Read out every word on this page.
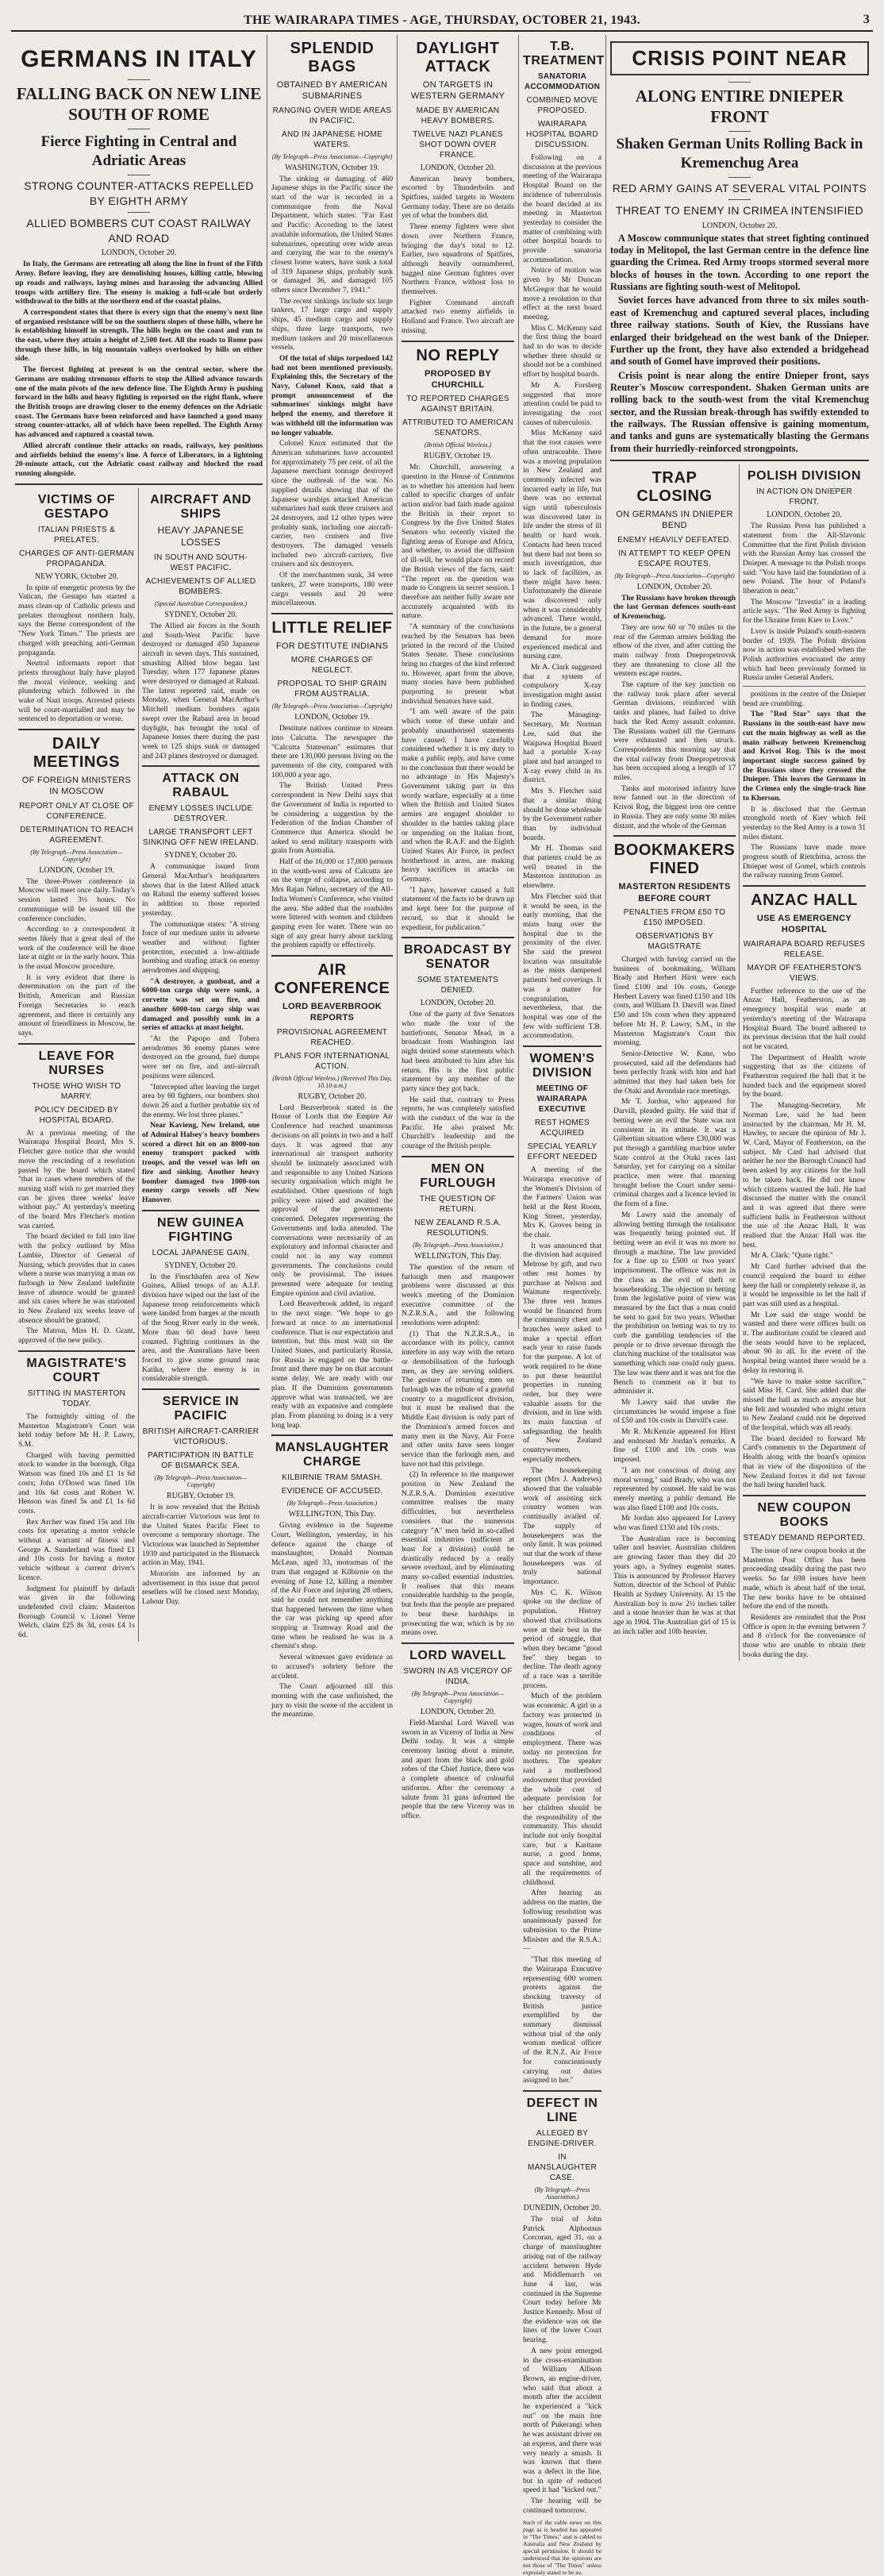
THE WAIRARAPA TIMES - AGE, THURSDAY, OCTOBER 21, 1943.	3
GERMANS IN ITALY
FALLING BACK ON NEW LINE SOUTH OF ROME
Fierce Fighting in Central and Adriatic Areas
STRONG COUNTER-ATTACKS REPELLED BY EIGHTH ARMY
ALLIED BOMBERS CUT COAST RAILWAY AND ROAD
LONDON, October 20.

In Italy, the Germans are retreating all along the line in front of the Fifth Army. Before leaving, they are demolishing houses, killing cattle, blowing up roads and railways, laying mines and harassing the advancing Allied troops with artillery fire. The enemy is making a full-scale but orderly withdrawal to the hills at the northern end of the coastal plains.

A correspondent states that there is every sign that the enemy's next line of organised resistance will be on the southern slopes of these hills, where he is establishing himself in strength. The hills begin on the coast and run to the east, where they attain a height of 2,500 feet. All the roads to Rome pass through these hills, in big mountain valleys overlooked by hills on either side.

The fiercest fighting at present is on the central sector, where the Germans are making strenuous efforts to stop the Allied advance towards one of the main pivots of the new defence line. The Eighth Army is pushing forward in the hills and heavy fighting is reported on the right flank, where the British troops are drawing closer to the enemy defences on the Adriatic coast. The Germans have been reinforced and have launched a good many strong counter-attacks, all of which have been repelled. The Eighth Army has advanced and captured a coastal town.

Allied aircraft continue their attacks on roads, railways, key positions and airfields behind the enemy's line. A force of Liberators, in a lightning 20-minute attack, cut the Adriatic coast railway and blocked the road running alongside.

VICTIMS OF GESTAPO
ITALIAN PRIESTS & PRELATES.
CHARGES OF ANTI-GERMAN PROPAGANDA.
NEW YORK, October 20.

In spite of energetic protests by the Vatican, the Gestapo has started a mass clean-up of Catholic priests and prelates throughout northern Italy, says the Berne correspondent of the "New York Times." The priests are charged with preaching anti-German propaganda.

Neutral informants report that priests throughout Italy have played the moral violence, seeking and plundering which followed in the wake of Nazi troops. Arrested priests will be court-martialled and may be sentenced to deportation or worse.

DAILY MEETINGS
OF FOREIGN MINISTERS IN MOSCOW
REPORT ONLY AT CLOSE OF CONFERENCE.
DETERMINATION TO REACH AGREEMENT.
(By Telegraph—Press Association—Copyright)
LONDON, October 19.

The three-Power conference in Moscow will meet once daily. Today's session lasted 3½ hours. No communique will be issued till the conference concludes.

According to a correspondent it seems likely that a great deal of the work of the conference will be done late at night or in the early hours. This is the usual Moscow procedure.

It is very evident that there is determination on the part of the British, American and Russian Foreign Secretaries to reach agreement, and there is certainly any amount of friendliness in Moscow, he says.

LEAVE FOR NURSES
THOSE WHO WISH TO MARRY.
POLICY DECIDED BY HOSPITAL BOARD.

At a previous meeting of the Wairarapa Hospital Board, Mrs S. Fletcher gave notice that she would move the rescinding of a resolution passed by the board which stated "that in cases where members of the nursing staff wish to get married they can be given three weeks' leave without pay." At yesterday's meeting of the board Mrs Fletcher's motion was carried.

The board decided to fall into line with the policy outlined by Miss Lambie, Director of General of Nursing, which provides that in cases where a nurse was marrying a man on furlough in New Zealand indefinite leave of absence would be granted and six cases where he was stationed in New Zealand six weeks leave of absence should be granted.

The Matron, Miss H. D. Grant, approved of the new policy.

MAGISTRATE'S COURT
SITTING IN MASTERTON TODAY.

The fortnightly sitting of the Masterton Magistrate's Court was held today before Mr H. P. Lawry, S.M.

Charged with having permitted stock to wander in the borough, Olga Watson was fined 10s and £1 1s 6d costs; John O'Dowd was fined 10s and 10s 6d costs and Robert W. Henson was fined 5s and £1 1s 6d costs.

Rex Archer was fined 15s and 10s costs for operating a motor vehicle without a warrant of fitness and George A. Sunderland was fined £1 and 10s costs for having a motor vehicle without a current driver's licence.

Judgment for plaintiff by default was given in the following undefended civil claim: Masterton Borough Council v. Lionel Verne Welch, claim £25 8s 3d, costs £4 1s 6d.

AIRCRAFT AND SHIPS
HEAVY JAPANESE LOSSES
IN SOUTH AND SOUTH-WEST PACIFIC.
ACHIEVEMENTS OF ALLIED BOMBERS.
(Special Australian Correspondent.)
SYDNEY, October 20.

The Allied air forces in the South and South-West Pacific have destroyed or damaged 450 Japanese aircraft in seven days. This sustained, smashing Allied blow began last Tuesday, when 177 Japanese planes were destroyed or damaged at Rabaul. The latest reported raid, made on Monday, when General MacArthur's Mitchell medium bombers again swept over the Rabaul area in broad daylight, has brought the total of Japanese losses there during the past week to 125 ships sunk or damaged and 243 planes destroyed or damaged.

ATTACK ON RABAUL
ENEMY LOSSES INCLUDE DESTROYER.
LARGE TRANSPORT LEFT SINKING OFF NEW IRELAND.
SYDNEY, October 20.

A communique issued from General MacArthur's headquarters shows that in the latest Allied attack on Rabaul the enemy suffered losses in addition to those reported yesterday.

The communique states: "A strong force of our medium units in adverse weather and without fighter protection, executed a low-altitude bombing and strafing attack on enemy aerodromes and shipping.

"A destroyer, a gunboat, and a 6000-ton cargo ship were sunk, a corvette was set on fire, and another 6000-ton cargo ship was damaged and possibly sunk in a series of attacks at mast height.

"At the Papopo and Tobera aerodromes 36 enemy planes were destroyed on the ground, fuel dumps were set on fire, and anti-aircraft positions were silenced.

"Intercepted after leaving the target area by 60 fighters, our bombers shot down 26 and a further probable six of the enemy. We lost three planes."

Near Kavieng, New Ireland, one of Admiral Halsey's heavy bombers scored a direct hit on an 8000-ton enemy transport packed with troops, and the vessel was left on fire and sinking. Another heavy bomber damaged two 1000-ton enemy cargo vessels off New Hanover.

NEW GUINEA FIGHTING
LOCAL JAPANESE GAIN.
SYDNEY, October 20.

In the Finschhafen area of New Guinea, Allied troops of an A.I.F. division have wiped out the last of the Japanese troop reinforcements which were landed from barges at the mouth of the Song River early in the week. More than 60 dead have been counted. Fighting continues in the area, and the Australians have been forced to give some ground near Katika, where the enemy is in considerable strength.

SERVICE IN PACIFIC
BRITISH AIRCRAFT-CARRIER VICTORIOUS.
PARTICIPATION IN BATTLE OF BISMARCK SEA.
(By Telegraph—Press Association—Copyright)
RUGBY, October 19.

It is now revealed that the British aircraft-carrier Victorious was lent to the United States Pacific Fleet to overcome a temporary shortage. The Victorious was launched in September 1939 and participated in the Bismarck action in May, 1941.

Motorists are informed by an advertisement in this issue that petrol resellers will be closed next Monday, Labour Day.

SPLENDID BAGS
OBTAINED BY AMERICAN SUBMARINES
RANGING OVER WIDE AREAS IN PACIFIC.
AND IN JAPANESE HOME WATERS.
(By Telegraph—Press Association—Copyright)
WASHINGTON, October 19.

The sinking or damaging of 460 Japanese ships in the Pacific since the start of the war is recorded in a communique from the Naval Department, which states: "Far East and Pacific: According to the latest available information, the United States submarines, operating over wide areas and carrying the war to the enemy's closest home waters, have sunk a total of 319 Japanese ships, probably sunk or damaged 36, and damaged 105 others since December 7, 1941."

The recent sinkings include six large tankers, 17 large cargo and supply ships, 45 medium cargo and supply ships, three large transports, two medium tankers and 20 miscellaneous vessels.

Of the total of ships torpedoed 142 had not been mentioned previously. Explaining this, the Secretary of the Navy, Colonel Knox, said that a prompt announcement of the submarines' sinkings might have helped the enemy, and therefore it was withheld till the information was no longer valuable.

Colonel Knox estimated that the American submarines have accounted for approximately 75 per cent. of all the Japanese merchant tonnage destroyed since the outbreak of the war. No supplied details showing that of the Japanese warships attacked American submarines had sunk three cruisers and 24 destroyers, and 12 other types were probably sunk, including one aircraft-carrier, two cruisers and five destroyers. The damaged vessels included two aircraft-carriers, five cruisers and six destroyers.

Of the merchantmen sunk, 34 were tankers, 27 were transports, 180 were cargo vessels and 20 were miscellaneous.

LITTLE RELIEF
FOR DESTITUTE INDIANS
MORE CHARGES OF NEGLECT.
PROPOSAL TO SHIP GRAIN FROM AUSTRALIA.
(By Telegraph—Press Association—Copyright)
LONDON, October 19.

Destitute natives continue to stream into Calcutta. The newspaper the "Calcutta Statesman" estimates that there are 130,000 persons living on the pavements of the city, compared with 100,000 a year ago.

The British United Press correspondent in New Delhi says that the Government of India is reported to be considering a suggestion by the Federation of the Indian Chamber of Commerce that America should be asked to send military transports with grain from Australia.

Half of the 16,000 or 17,000 persons in the south-west area of Calcutta are on the verge of collapse, according to Mrs Rajan Nehru, secretary of the All-India Women's Conference, who visited the area. She added that the roadsides were littered with women and children gasping even for water. There was no sign of any great hurry about tackling the problem rapidly or effectively.

AIR CONFERENCE
LORD BEAVERBROOK REPORTS
PROVISIONAL AGREEMENT REACHED.
PLANS FOR INTERNATIONAL ACTION.
(British Official Wireless.) (Received This Day, 10.10 a.m.)
RUGBY, October 20.

Lord Beaverbrook stated in the House of Lords that the Empire Air Conference had reached unanimous decisions on all points in two and a half days. It was agreed that any international air transport authority should be intimately associated with and responsible to any United Nations security organisation which might be established. Other questions of high policy were raised and awaited the approval of the governments concerned. Delegates representing the Governments and India attended. The conversations were necessarily of an exploratory and informal character and could not in any way commit governments. The conclusions could only be provisional. The issues presented were adequate for testing Empire opinion and civil aviation.

Lord Beaverbrook added, in regard to the next stage: "We hope to go forward at once to an international conference. That is our expectation and intention, but this must wait on the United States, and particularly Russia, for Russia is engaged on the battle-front and there may be on that account some delay. We are ready with our plan. If the Dominion governments approve what was transacted, we are ready with an expansive and complete plan. From planning to doing is a very long leap.

MANSLAUGHTER CHARGE
KILBIRNIE TRAM SMASH.
EVIDENCE OF ACCUSED.
(By Telegraph—Press Association.)
WELLINGTON, This Day.

Giving evidence in the Supreme Court, Wellington, yesterday, in his defence against the charge of manslaughter, Donald Norman McLean, aged 33, motorman of the tram that engaged at Kilbirnie on the evening of June 12, killing a member of the Air Force and injuring 28 others, said he could not remember anything that happened between the time when the car was picking up speed after stopping at Tramway Road and the time when he realised he was in a chemist's shop.

Several witnesses gave evidence as to accused's sobriety before the accident.

The Court adjourned till this morning with the case unfinished, the jury to visit the scene of the accident in the meantime.

DAYLIGHT ATTACK
ON TARGETS IN WESTERN GERMANY
MADE BY AMERICAN HEAVY BOMBERS.
TWELVE NAZI PLANES SHOT DOWN OVER FRANCE.
LONDON, October 20.

American heavy bombers, escorted by Thunderbolts and Spitfires, raided targets in Western Germany today. There are no details yet of what the bombers did.

Three enemy fighters were shot down over Northern France, bringing the day's total to 12. Earlier, two squadrons of Spitfires, although heavily outnumbered, bagged nine German fighters over Northern France, without loss to themselves.

Fighter Command aircraft attacked two enemy airfields in Holland and France. Two aircraft are missing.

NO REPLY
PROPOSED BY CHURCHILL
TO REPORTED CHARGES AGAINST BRITAIN.
ATTRIBUTED TO AMERICAN SENATORS.
(British Official Wireless.)
RUGBY, October 19.

Mr. Churchill, answering a question in the House of Commons as to whether his attention had been called to specific charges of unfair action and/or bad faith made against the British in their report to Congress by the five United States Senators who recently visited the fighting areas of Europe and Africa, and whether, to avoid the diffusion of ill-will, he would place on record the British views of the facts, said: "The report on the question was made to Congress in secret session. I therefore am neither fully aware nor accurately acquainted with its nature.

"A summary of the conclusions reached by the Senators has been printed in the record of the United States Senate. These conclusions bring no charges of the kind referred to. However, apart from the above, many stories have been published purporting to present what individual Senators have said.

"I am well aware of the pain which some of these unfair and probably unauthorised statements have caused. I have carefully considered whether it is my duty to make a public reply, and have come to the conclusion that there would be no advantage in His Majesty's Government taking part in this wordy warfare, especially at a time when the British and United States armies are engaged shoulder to shoulder in the battles taking place or impending on the Italian front, and when the R.A.F. and the Eighth United States Air Force, in perfect brotherhood in arms, are making heavy sacrifices in attacks on Germany.

"I have, however caused a full statement of the facts to be drawn up and kept here for the purpose of record, so that it should be expedient, for publication."

BROADCAST BY SENATOR
SOME STATEMENTS DENIED.
LONDON, October 20.

One of the party of five Senators who made the tour of the battlefronts, Senator Mead, in a broadcast from Washington last night denied some statements which had been attributed to him after his return. His is the first public statement by any member of the party since they got back.

He said that, contrary to Press reports, he was completely satisfied with the conduct of the war in the Pacific. He also praised Mr. Churchill's leadership and the courage of the British people.

MEN ON FURLOUGH
THE QUESTION OF RETURN.
NEW ZEALAND R.S.A. RESOLUTIONS.
(By Telegraph—Press Association.)
WELLINGTON, This Day.

The question of the return of furlough men and manpower problems were discussed at this week's meeting of the Dominion executive committee of the N.Z.R.S.A., and the following resolutions were adopted:

(1) That the N.Z.R.S.A., in accordance with its policy, cannot interfere in any way with the return or demobilisation of the furlough men, as they are serving soldiers. The gesture of returning men on furlough was the tribute of a grateful country to a magnificent division, but it must be realised that the Middle East division is only part of the Dominion's armed forces and many men in the Navy, Air Force and other units have seen longer service than the furlough men, and have not had this privilege.

(2) In reference to the manpower position in New Zealand the N.Z.R.S.A. Dominion executive committee realises the many difficulties, but nevertheless considers that the numerous category "A" men held in so-called essential industries (sufficient at least for a division) could be drastically reduced by a really severe overhaul, and by eliminating many so-called essential industries. It realises that this means considerable hardship to the people, but feels that the people are prepared to bear these hardships in prosecuting the war, which is by no means over.

LORD WAVELL
SWORN IN AS VICEROY OF INDIA.
(By Telegraph—Press Association—Copyright)
LONDON, October 20.

Field-Marshal Lord Wavell was sworn in as Viceroy of India at New Delhi today. It was a simple ceremony lasting about a minute, and apart from the black and gold robes of the Chief Justice, there was a complete absence of colourful uniforms. After the ceremony a salute from 31 guns informed the people that the new Viceroy was in office.

T.B. TREATMENT
SANATORIA ACCOMMODATION
COMBINED MOVE PROPOSED.
WAIRARAPA HOSPITAL BOARD DISCUSSION.

Following on a discussion at the previous meeting of the Wairarapa Hospital Board on the incidence of tuberculosis the board decided at its meeting in Masterton yesterday to consider the matter of combining with other hospital boards to provide sanatoria accommodation.

Notice of motion was given by Mr Duncan McGregor that he would move a resolution to that effect at the next board meeting.

Miss C. McKenny said the first thing the board had to do was to decide whether there should or should not be a combined effort by hospital boards.

Mr A. Forsberg suggested that more attention could be paid to investigating the root causes of tuberculosis.

Miss McKenny said that the root causes were often untraceable. There was a moving population in New Zealand and commonly infected was incurred early in life, but there was no external sign until tuberculosis was discovered later in life under the stress of ill health or hard work. Contacts had been traced but there had not been so much investigation, due to lack of facilities, as there might have been. Unfortunately the disease was discovered only when it was considerably advanced. There would, in the future, be a general demand for more experienced medical and nursing care.

Mr A. Clark suggested that a system of compulsory X-ray investigation might assist in finding cases.

The Managing-Secretary, Mr Norman Lee, said that the Waipawa Hospital Board had a portable X-ray plant and had arranged to X-ray every child in its district.

Mrs S. Fletcher said that a similar thing should be done wholesale by the Government rather than by individual boards.

Mr H. Thomas said that patients could be as well treated in the Masterton institution as elsewhere.

Mrs Fletcher said that it would be seen, in the early morning, that the mists hung over the hospital due to the proximity of the river. She said the present location was unsuitable as the mists dampened patients' bed coverings. It was a matter for congratulation, nevertheless, that the hospital was one of the few with sufficient T.B. accommodation.

WOMEN'S DIVISION
MEETING OF WAIRARAPA EXECUTIVE
REST HOMES ACQUIRED
SPECIAL YEARLY EFFORT NEEDED

A meeting of the Wairarapa executive of the Women's Division of the Farmers' Union was held at the Rest Room, King Street, yesterday, Mrs K. Groves being in the chair.

It was announced that the division had acquired Melrose by gift, and two other rest homes by purchase at Nelson and Waimate respectively. The three rest homes would be financed from the community chest and branches were asked to make a special effort each year to raise funds for the purpose. A lot of work required to be done to put these beautiful properties in running order, but they were valuable assets for the division, and in line with its main function of safeguarding the health of New Zealand countrywomen, especially mothers.

The housekeeping report (Mrs J. Andrews) showed that the valuable work of assisting sick country women was continually availed of. The supply of housekeepers was the only limit. It was pointed out that the work of these housekeepers was of truly national importance.

Mrs C. K. Wilson spoke on the decline of population. History showed that civilisations were at their best in the period of struggle, that when they became "good fee" they began to decline. The death agony of a race was a terrible process.

Much of the problem was economic. A girl in a factory was protected in wages, hours of work and conditions of employment. There was today no protection for mothers. The speaker said a motherhood endowment that provided the whole cost of adequate provision for her children should be the responsibility of the community. This should include not only hospital care, but a Karitane nurse, a good home, space and sunshine, and all the requirements of childhood.

After hearing an address on the matter, the following resolution was unanimously passed for submission to the Prime Minister and the R.S.A.:—

"That this meeting of the Wairarapa Executive representing 600 women protests against the shocking travesty of British justice exemplified by the summary dismissal without trial of the only woman medical officer of the R.N.Z. Air Force for conscientiously carrying out duties assigned to her."

DEFECT IN LINE
ALLEGED BY ENGINE-DRIVER.
IN MANSLAUGHTER CASE.
(By Telegraph—Press Association.)
DUNEDIN, October 20.

The trial of John Patrick Alphonsus Corcoran, aged 31, on a charge of manslaughter arising out of the railway accident between Hyde and Middlemarch on June 4 last, was continued in the Supreme Court today before Mr Justice Kennedy. Most of the evidence was on the lines of the lower Court hearing.

A new point emerged in the cross-examination of William Allison Brown, an engine-driver, who said that about a month after the accident he experienced a "kick out" on the main line north of Pukerangi when he was assistant driver on an express, and there was very nearly a smash. It was known that there was a defect in the line, but in spite of reduced speed it had "kicked out."

The hearing will be continued tomorrow.

Such of the cable news on this page as is headed has appeared in "The Times," and is cabled to Australia and New Zealand by special permission. It should be understood that the opinions are not those of "The Times" unless expressly stated to be so.
CRISIS POINT NEAR
ALONG ENTIRE DNIEPER FRONT
Shaken German Units Rolling Back in Kremenchug Area
RED ARMY GAINS AT SEVERAL VITAL POINTS
THREAT TO ENEMY IN CRIMEA INTENSIFIED
LONDON, October 20.

A Moscow communique states that street fighting continued today in Melitopol, the last German centre in the defence line guarding the Crimea. Red Army troops stormed several more blocks of houses in the town. According to one report the Russians are fighting south-west of Melitopol.

Soviet forces have advanced from three to six miles south-east of Kremenchug and captured several places, including three railway stations. South of Kiev, the Russians have enlarged their bridgehead on the west bank of the Dnieper. Further up the front, they have also extended a bridgehead and south of Gomel have improved their positions.

Crisis point is near along the entire Dnieper front, says Reuter's Moscow correspondent. Shaken German units are rolling back to the south-west from the vital Kremenchug sector, and the Russian break-through has swiftly extended to the railways. The Russian offensive is gaining momentum, and tanks and guns are systematically blasting the Germans from their hurriedly-reinforced strongpoints.

TRAP CLOSING
ON GERMANS IN DNIEPER BEND
ENEMY HEAVILY DEFEATED.
IN ATTEMPT TO KEEP OPEN ESCAPE ROUTES.
(By Telegraph—Press Association—Copyright)
LONDON, October 20.

The Russians have broken through the last German defences south-east of Kremenchug.

They are now 60 or 70 miles to the rear of the German armies holding the elbow of the river, and after cutting the main railway from Dnepropetrovsk they are threatening to close all the western escape routes.

The capture of the key junction on the railway took place after several German divisions, reinforced with tanks and planes, had failed to drive back the Red Army assault columns. The Russians waited till the Germans were exhausted and then struck. Correspondents this morning say that the vital railway from Dnepropetrovsk has been occupied along a length of 17 miles.

Tanks and motorised infantry have now fanned out in the direction of Krivoi Rog, the biggest iron ore centre in Russia. They are only some 30 miles distant, and the whole of the German

BOOKMAKERS FINED
MASTERTON RESIDENTS BEFORE COURT
PENALTIES FROM £50 TO £150 IMPOSED.
OBSERVATIONS BY MAGISTRATE

Charged with having carried on the business of bookmaking, William Brady and Herbert Hirst were each fined £100 and 10s costs, George Herbert Lavery was fined £150 and 10s costs, and William D. Darvill was fined £50 and 10s costs when they appeared before Mr H. P. Lawry, S.M., in the Masterton Magistrate's Court this morning.

Senior-Detective W. Kane, who prosecuted, said all the defendants had been perfectly frank with him and had admitted that they had taken bets for the Otaki and Avondale race meetings.

Mr T. Jordon, who appeared for Darvill, pleaded guilty. He said that if betting were an evil the State was not consistent in its attitude. It was a Gilbertian situation where £30,000 was put through a gambling machine under State control at the Otaki races last Saturday, yet for carrying on a similar practice, men were that morning brought before the Court under semi-criminal charges and a licence levied in the form of a fine.

Mr Lawry said the anomaly of allowing betting through the totalisator was frequently being pointed out. If betting were an evil it was no more so through a machine. The law provided for a fine up to £500 or two years' imprisonment. The offence was not in the class as the evil of theft or housebreaking. The objection to betting from the legislative point of view was measured by the fact that a man could be sent to gaol for two years. Whether the prohibition on betting was to try to curb the gambling tendencies of the people or to drive revenue through the clutching machine of the totalisator was something which one could only guess. The law was there and it was not for the Bench to comment on it but to administer it.

Mr Lawry said that under the circumstances he would impose a fine of £50 and 10s costs in Darvill's case.

Mr R. McKenzie appeared for Hirst and endorsed Mr Jordan's remarks. A fine of £100 and 10s costs was imposed.

"I am not conscious of doing any moral wrong," said Brady, who was not represented by counsel. He said he was merely meeting a public demand. He was also fined £100 and 10s costs.

Mr Jordan also appeared for Lavery who was fined £150 and 10s costs.

The Australian race is becoming taller and heavier. Australian children are growing faster than they did 20 years ago, a Sydney eugenist states. This is announced by Professor Harvey Sutton, director of the School of Public Health at Sydney University. At 15 the Australian boy is now 2½ inches taller and a stone heavier than he was at that age in 1904. The Australian girl of 15 is an inch taller and 10lb heavier.

POLISH DIVISION
IN ACTION ON DNIEPER FRONT.
LONDON, October 20.

The Russian Press has published a statement from the All-Slavonic Committee that the first Polish division with the Russian Army has crossed the Dnieper. A message to the Polish troops said: "You have laid the foundation of a new Poland. The hour of Poland's liberation is near."

The Moscow "Izvestia" in a leading article says: "The Red Army is fighting for the Ukraine from Kiev to Lvov."

Lvov is inside Poland's south-eastern border of 1939. The Polish division now in action was established when the Polish authorities evacuated the army which had been previously formed in Russia under General Anders.

positions in the centre of the Dnieper bend are crumbling.

The "Red Star" says that the Russians in the south-east have now cut the main highway as well as the main railway between Kremenchug and Krivoi Rog. This is the most important single success gained by the Russians since they crossed the Dnieper. This leaves the Germans in the Crimea only the single-track line to Kherson.

It is disclosed that the German stronghold north of Kiev which fell yesterday to the Red Army is a town 31 miles distant.

The Russians have made more progress south of Rietchitsa, across the Dnieper west of Gomel, which controls the railway running from Gomel.

ANZAC HALL
USE AS EMERGENCY HOSPITAL
WAIRARAPA BOARD REFUSES RELEASE.
MAYOR OF FEATHERSTON'S VIEWS.

Further reference to the use of the Anzac Hall, Featherston, as an emergency hospital was made at yesterday's meeting of the Wairarapa Hospital Board. The board adhered to its previous decision that the hall could not be vacated.

The Department of Health wrote suggesting that as the citizens of Featherston required the hall that it be handed back and the equipment stored by the board.

The Managing-Secretary, Mr Norman Lee, said he had been instructed by the chairman, Mr H. M. Hawley, to secure the opinion of Mr J. W. Card, Mayor of Featherston, on the subject. Mr Card had advised that neither he nor the Borough Council had been asked by any citizens for the hall to be taken back. He did not know which citizens wanted the hall. He had discussed the matter with the council and it was agreed that there were sufficient halls in Featherston without the use of the Anzac Hall. It was realised that the Anzac Hall was the best.

Mr A. Clark: "Quite right."

Mr Card further advised that the council required the board to either keep the hall or completely release it, as it would be impossible to let the hall if part was still used as a hospital.

Mr Lee said the stage would be wanted and there were offices built on it. The auditorium could be cleared and the seats would have to be replaced, about 90 in all. In the event of the hospital being wanted there would be a delay in restoring it.

"We have to make some sacrifice," said Miss H. Card. She added that she missed the hall as much as anyone but she felt and wounded who might return to New Zealand could not be deprived of the hospital, which was all ready.

The board decided to forward Mr Card's comments to the Department of Health along with the board's opinion that in view of the disposition of the New Zealand forces it did not favour the hall being handed back.

NEW COUPON BOOKS
STEADY DEMAND REPORTED.

The issue of new coupon books at the Masterton Post Office has been proceeding steadily during the past two weeks. So far 698 issues have been made, which is about half of the total. The new books have to be obtained before the end of the month.

Residents are reminded that the Post Office is open in the evening between 7 and 8 o'clock for the convenience of those who are unable to obtain their books during the day.
